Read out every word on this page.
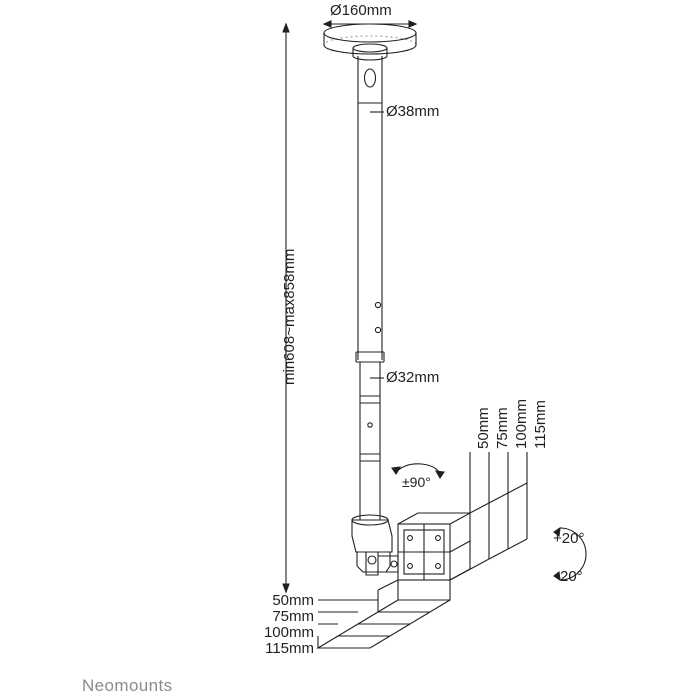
Ø160mm
Ø38mm
Ø32mm
min608~max858mm
±90°
+20°
-20°
50mm 75mm 100mm 115mm
50mm
75mm
100mm
115mm
Neomounts
